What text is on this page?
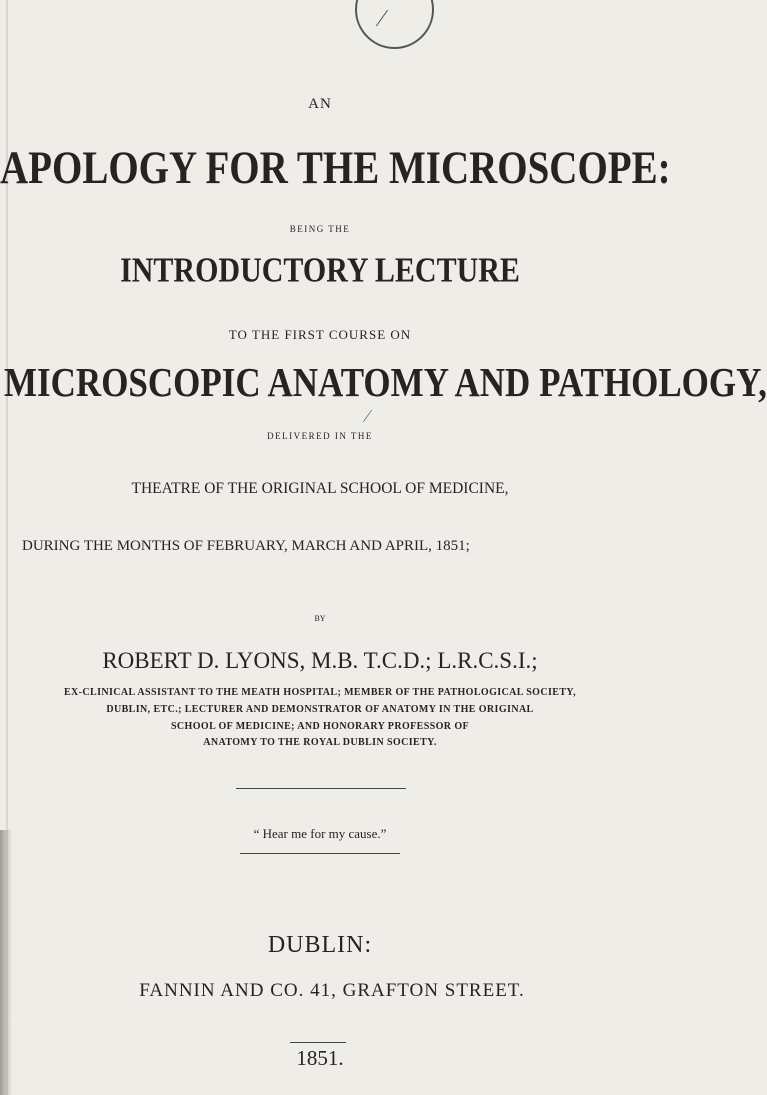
⁄
AN
APOLOGY FOR THE MICROSCOPE:
BEING THE
INTRODUCTORY LECTURE
TO THE FIRST COURSE ON
MICROSCOPIC ANATOMY AND PATHOLOGY,
⁄
DELIVERED IN THE
THEATRE OF THE ORIGINAL SCHOOL OF MEDICINE,
DURING THE MONTHS OF FEBRUARY, MARCH AND APRIL, 1851;
BY
ROBERT D. LYONS, M.B. T.C.D.; L.R.C.S.I.;
EX-CLINICAL ASSISTANT TO THE MEATH HOSPITAL; MEMBER OF THE PATHOLOGICAL SOCIETY,
DUBLIN, ETC.; LECTURER AND DEMONSTRATOR OF ANATOMY IN THE ORIGINAL
SCHOOL OF MEDICINE; AND HONORARY PROFESSOR OF
ANATOMY TO THE ROYAL DUBLIN SOCIETY.
“ Hear me for my cause.”
DUBLIN:
FANNIN AND CO. 41, GRAFTON STREET.
1851.
